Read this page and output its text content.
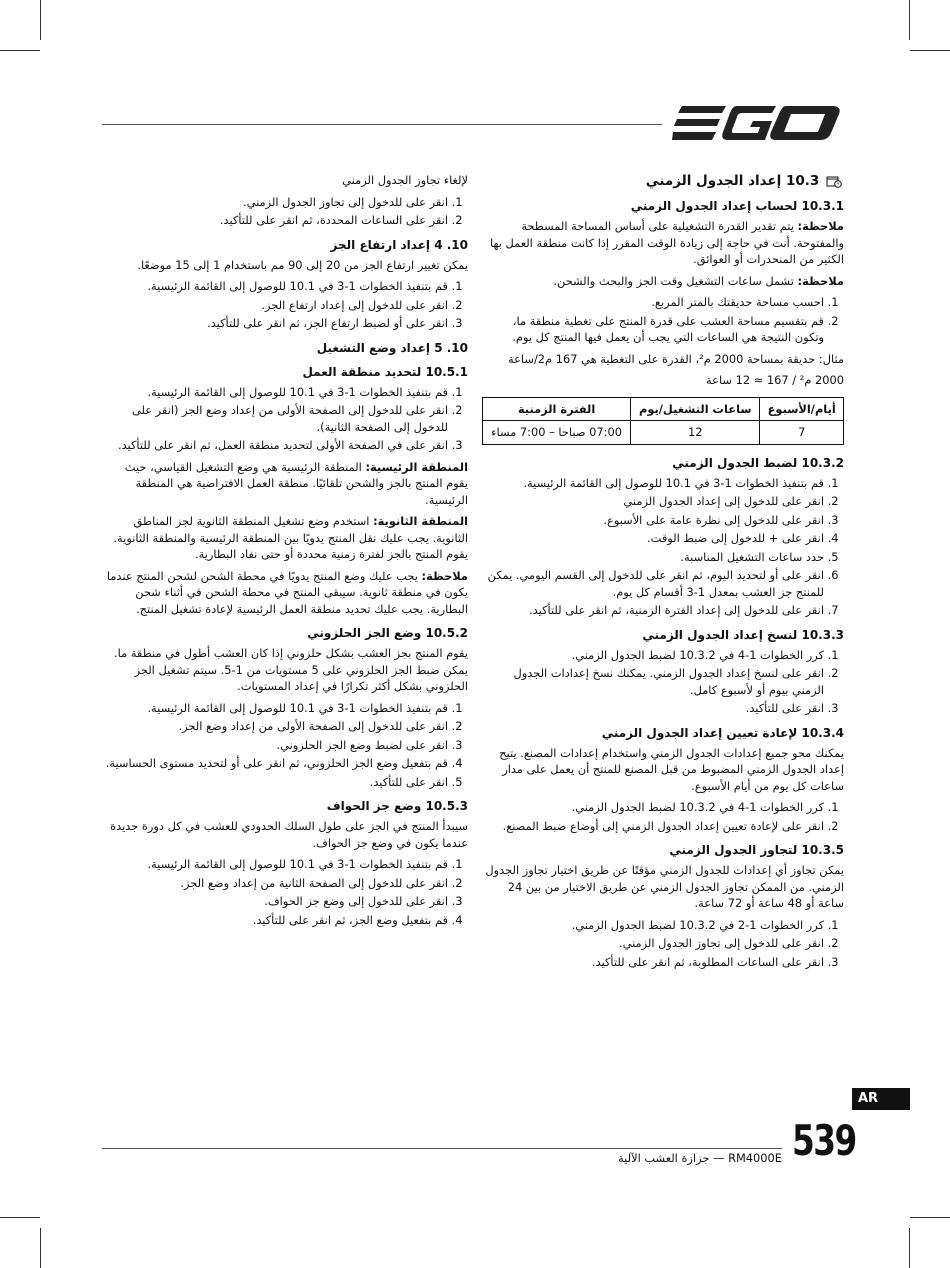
10.3 إعداد الجدول الزمني
10.3.1 لحساب إعداد الجدول الزمني

ملاحظة: يتم تقدير القدرة التشغيلية على أساس المساحة المسطحة والمفتوحة. أنت في حاجة إلى زيادة الوقت المقرر إذا كانت منطقة العمل بها الكثير من المنحدرات أو العوائق.

ملاحظة: تشمل ساعات التشغيل وقت الجز والبحث والشحن.

1. احسب مساحة حديقتك بالمتر المربع.
2. قم بتقسيم مساحة العشب على قدرة المنتج على تغطية منطقة ما، وتكون النتيجة هي الساعات التي يجب أن يعمل فيها المنتج كل يوم.

مثال: حديقة بمساحة 2000 م²، القدرة على التغطية هي 167 م2/ساعة

2000 م² / 167 ≈ 12 ساعة

أيام/الأسبوع	ساعات التشغيل/يوم	الفترة الزمنية
7	12	07:00 صباحا – 7:00 مساء
10.3.2 لضبط الجدول الزمني
1. قم بتنفيذ الخطوات 1-3 في 10.1 للوصول إلى القائمة الرئيسية.
2. انقر على للدخول إلى إعداد الجدول الزمني
3. انقر على للدخول إلى نظرة عامة على الأسبوع.
4. انقر على + للدخول إلى ضبط الوقت.
5. حدد ساعات التشغيل المناسبة.
6. انقر على أو لتحديد اليوم، ثم انقر على للدخول إلى القسم اليومي. يمكن للمنتج جز العشب بمعدل 1-3 أقسام كل يوم.
7. انقر على للدخول إلى إعداد الفترة الزمنية، ثم انقر على للتأكيد.
10.3.3 لنسخ إعداد الجدول الزمني
1. كرر الخطوات 1-4 في 10.3.2 لضبط الجدول الزمني.
2. انقر على لنسخ إعداد الجدول الزمني. يمكنك نسخ إعدادات الجدول الزمني بيوم أو لأسبوع كامل.
3. انقر على للتأكيد.
10.3.4 لإعادة تعيين إعداد الجدول الزمني

يمكنك محو جميع إعدادات الجدول الزمني واستخدام إعدادات المصنع. يتيح إعداد الجدول الزمني المضبوط من قبل المصنع للمنتج أن يعمل على مدار ساعات كل يوم من أيام الأسبوع.

1. كرر الخطوات 1-4 في 10.3.2 لضبط الجدول الزمني.
2. انقر على لإعادة تعيين إعداد الجدول الزمني إلى أوضاع ضبط المصنع.
10.3.5 لتجاوز الجدول الزمني

يمكن تجاوز أي إعدادات للجدول الزمني مؤقتًا عن طريق اختيار تجاوز الجدول الزمني. من الممكن تجاوز الجدول الزمني عن طريق الاختيار من بين 24 ساعة أو 48 ساعة أو 72 ساعة.

1. كرر الخطوات 1-2 في 10.3.2 لضبط الجدول الزمني.
2. انقر على للدخول إلى تجاوز الجدول الزمني.
3. انقر على الساعات المطلوبة، ثم انقر على للتأكيد.

لإلغاء تجاوز الجدول الزمني

1. انقر على للدخول إلى تجاوز الجدول الزمني.
2. انقر على الساعات المحددة، ثم انقر على للتأكيد.
10. 4 إعداد ارتفاع الجز

يمكن تغيير ارتفاع الجز من 20 إلى 90 مم باستخدام 1 إلى 15 موضعًا.

1. قم بتنفيذ الخطوات 1-3 في 10.1 للوصول إلى القائمة الرئيسية.
2. انقر على للدخول إلى إعداد ارتفاع الجز.
3. انقر على أو لضبط ارتفاع الجز، ثم انقر على للتأكيد.
10. 5 إعداد وضع التشغيل
10.5.1 لتحديد منطقة العمل
1. قم بتنفيذ الخطوات 1-3 في 10.1 للوصول إلى القائمة الرئيسية.
2. انقر على للدخول إلى الصفحة الأولى من إعداد وضع الجز (انقر على للدخول إلى الصفحة الثانية).
3. انقر على في الصفحة الأولى لتحديد منطقة العمل، ثم انقر على للتأكيد.

المنطقة الرئيسية: المنطقة الرئيسية هي وضع التشغيل القياسي، حيث يقوم المنتج بالجز والشحن تلقائيًا. منطقة العمل الافتراضية هي المنطقة الرئيسية.

المنطقة الثانوية: استخدم وضع تشغيل المنطقة الثانوية لجز المناطق الثانوية. يجب عليك نقل المنتج يدويًا بين المنطقة الرئيسية والمنطقة الثانوية. يقوم المنتج بالجز لفترة زمنية محددة أو حتى نفاد البطارية.

ملاحظة: يجب عليك وضع المنتج يدويًا في محطة الشحن لشحن المنتج عندما يكون في منطقة ثانوية. سيبقى المنتج في محطة الشحن في أثناء شحن البطارية. يجب عليك تحديد منطقة العمل الرئيسية لإعادة تشغيل المنتج.

10.5.2 وضع الجز الحلزوني

يقوم المنتج بجز العشب بشكل حلزوني إذا كان العشب أطول في منطقة ما. يمكن ضبط الجز الحلزوني على 5 مستويات من 1-5. سيتم تشغيل الجز الحلزوني بشكل أكثر تكرارًا في إعداد المستويات.

1. قم بتنفيذ الخطوات 1-3 في 10.1 للوصول إلى القائمة الرئيسية.
2. انقر على للدخول إلى الصفحة الأولى من إعداد وضع الجز.
3. انقر على لضبط وضع الجز الحلزوني.
4. قم بتفعيل وضع الجز الحلزوني، ثم انقر على أو لتحديد مستوى الحساسية.
5. انقر على للتأكيد.
10.5.3 وضع جز الحواف

سيبدأ المنتج في الجز على طول السلك الحدودي للعشب في كل دورة جديدة عندما يكون في وضع جز الحواف.

1. قم بتنفيذ الخطوات 1-3 في 10.1 للوصول إلى القائمة الرئيسية.
2. انقر على للدخول إلى الصفحة الثانية من إعداد وضع الجز.
3. انقر على للدخول إلى وضع جز الحواف.
4. قم بتفعيل وضع الجز، ثم انقر على للتأكيد.
AR
539
RM4000E — جزازة العشب الآلية
